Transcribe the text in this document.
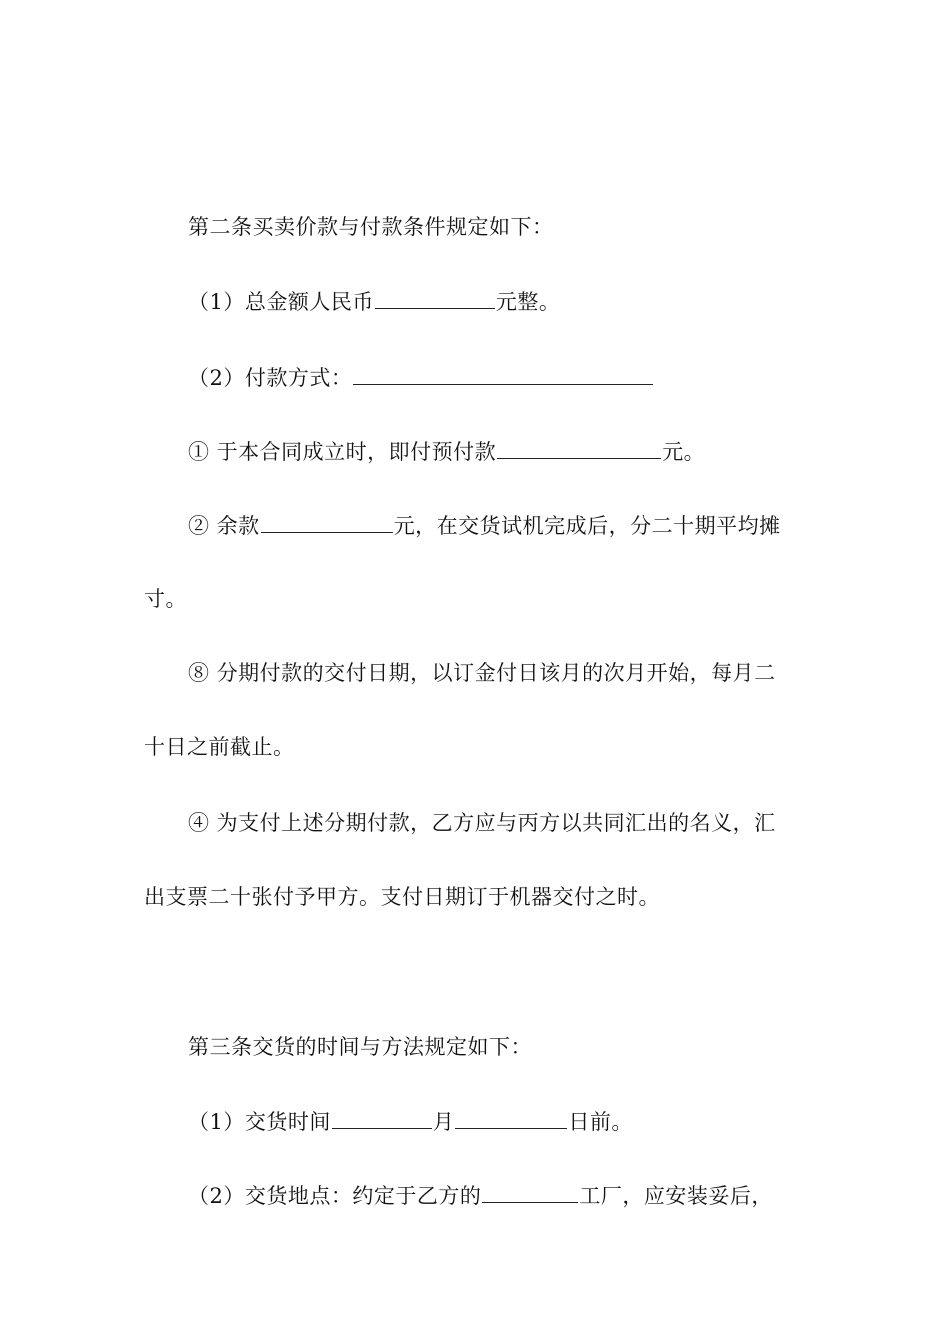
第二条买卖价款与付款条件规定如下：
（1）总金额人民币	元整。
（2）付款方式：
① 于本合同成立时，即付预付款	元。
② 余款	元，在交货试机完成后，分二十期平均摊
寸。
⑧ 分期付款的交付日期，以订金付日该月的次月开始，每月二
十日之前截止。
④ 为支付上述分期付款，乙方应与丙方以共同汇出的名义，汇
出支票二十张付予甲方。支付日期订于机器交付之时。
第三条交货的时间与方法规定如下：
（1）交货时间	月	日前。
（2）交货地点：约定于乙方的	工厂，应安装妥后，
